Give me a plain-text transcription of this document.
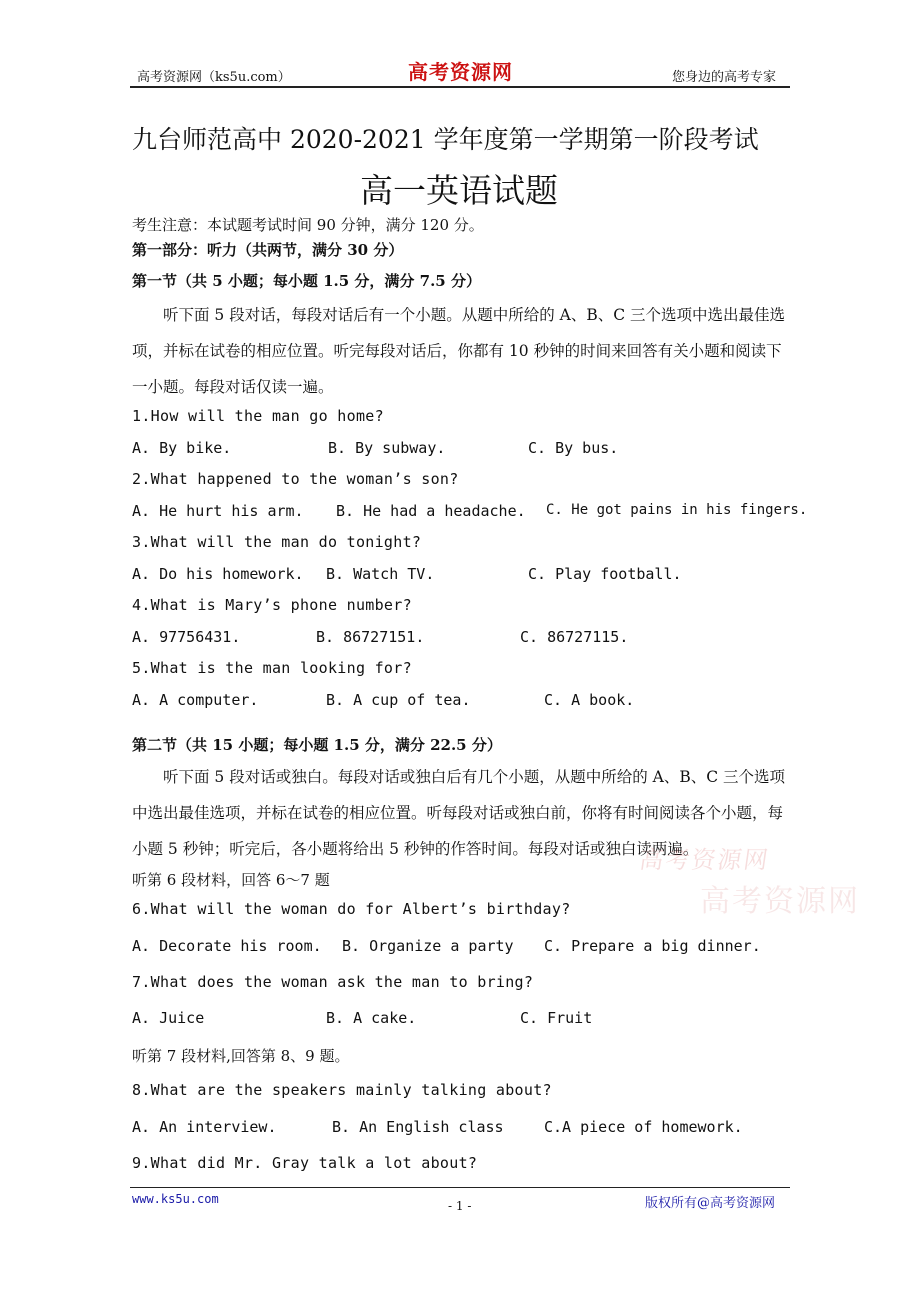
高考资源网（ks5u.com）	高考资源网	您身边的高考专家
九台师范高中 2020-2021 学年度第一学期第一阶段考试
高一英语试题
考生注意：本试题考试时间 90 分钟，满分 120 分。
第一部分：听力（共两节，满分 30 分）
第一节（共 5 小题；每小题 1.5 分，满分 7.5 分）
听下面 5 段对话，每段对话后有一个小题。从题中所给的 A、B、C 三个选项中选出最佳选项，并标在试卷的相应位置。听完每段对话后，你都有 10 秒钟的时间来回答有关小题和阅读下一小题。每段对话仅读一遍。
1.How will the man go home?
A. By bike.	B. By subway.	C. By bus.
2.What happened to the woman’s son?
A. He hurt his arm. B. He had a headache. C. He got pains in his fingers.
3.What will the man do tonight?
A. Do his homework. B. Watch TV.	C. Play football.
4.What is Mary’s phone number?
A. 97756431.	B. 86727151.	C. 86727115.
5.What is the man looking for?
A. A computer.	B. A cup of tea.	C. A book.
第二节（共 15 小题；每小题 1.5 分，满分 22.5 分）
听下面 5 段对话或独白。每段对话或独白后有几个小题，从题中所给的 A、B、C 三个选项中选出最佳选项，并标在试卷的相应位置。听每段对话或独白前，你将有时间阅读各个小题，每小题 5 秒钟；听完后，各小题将给出 5 秒钟的作答时间。每段对话或独白读两遍。
高考资源网
高考资源网
听第 6 段材料，回答 6～7 题
6.What will the woman do for Albert’s birthday?
A. Decorate his room. B. Organize a party C. Prepare a big dinner.
7.What does the woman ask the man to bring?
A. Juice	B. A cake.	C. Fruit
听第 7 段材料,回答第 8、9 题。
8.What are the speakers mainly talking about?
A. An interview.	B. An English class	C.A piece of homework.
9.What did Mr. Gray talk a lot about?
www.ks5u.com	- 1 -	版权所有@高考资源网
